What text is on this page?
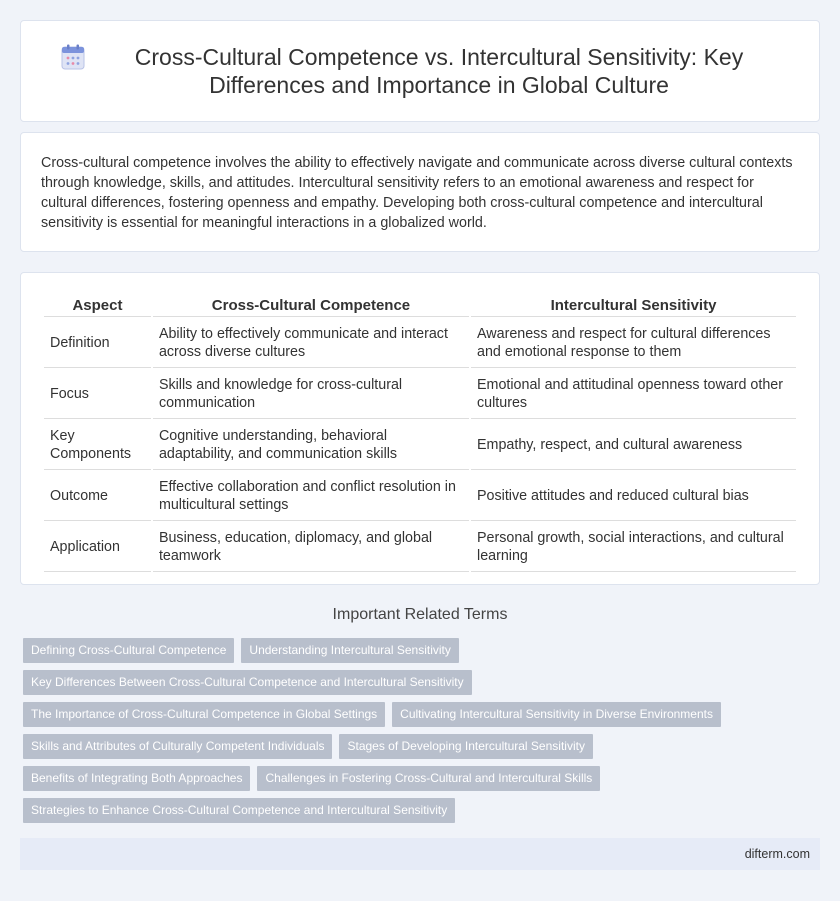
Cross-Cultural Competence vs. Intercultural Sensitivity: Key Differences and Importance in Global Culture

Cross-cultural competence involves the ability to effectively navigate and communicate across diverse cultural contexts through knowledge, skills, and attitudes. Intercultural sensitivity refers to an emotional awareness and respect for cultural differences, fostering openness and empathy. Developing both cross-cultural competence and intercultural sensitivity is essential for meaningful interactions in a globalized world.

Aspect	Cross-Cultural Competence	Intercultural Sensitivity
Definition	Ability to effectively communicate and interact across diverse cultures	Awareness and respect for cultural differences and emotional response to them
Focus	Skills and knowledge for cross-cultural communication	Emotional and attitudinal openness toward other cultures
Key Components	Cognitive understanding, behavioral adaptability, and communication skills	Empathy, respect, and cultural awareness
Outcome	Effective collaboration and conflict resolution in multicultural settings	Positive attitudes and reduced cultural bias
Application	Business, education, diplomacy, and global teamwork	Personal growth, social interactions, and cultural learning
Important Related Terms
Defining Cross-Cultural Competence	Understanding Intercultural Sensitivity
Key Differences Between Cross-Cultural Competence and Intercultural Sensitivity
The Importance of Cross-Cultural Competence in Global Settings	Cultivating Intercultural Sensitivity in Diverse Environments
Skills and Attributes of Culturally Competent Individuals	Stages of Developing Intercultural Sensitivity
Benefits of Integrating Both Approaches	Challenges in Fostering Cross-Cultural and Intercultural Skills
Strategies to Enhance Cross-Cultural Competence and Intercultural Sensitivity
difterm.com
